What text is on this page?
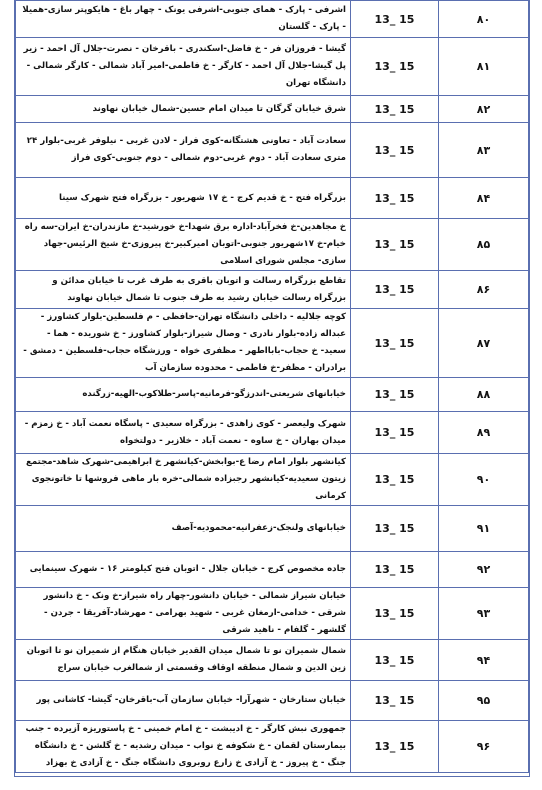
۸۰	13_ 15	اشرفی - پارک - همای جنوبی-اشرفی یونک - چهار باغ - هایکوپتر سازی-همیلا - پارک - گلستان
۸۱	13_ 15	گیشا - فروزان فر - خ فاضل-اسکندری - باقرخان - نصرت-جلال آل احمد - زیر پل گیشا-جلال آل احمد - کارگر - خ فاطمی-امیر آباد شمالی - کارگر شمالی - دانشگاه تهران
۸۲	13_ 15	شرق خیابان گرگان تا میدان امام حسین-شمال خیابان نهاوند
۸۳	13_ 15	سعادت آباد - تعاونی هشتگانه-کوی فراز - لادن غربی - نیلوفر غربی-بلوار ۲۴ متری سعادت آباد - دوم غربی-دوم شمالی - دوم جنوبی-کوی فراز
۸۴	13_ 15	بزرگراه فتح - خ قدیم کرج - خ ۱۷ شهریور - بزرگراه فتح شهرک سینا
۸۵	13_ 15	خ مجاهدین-خ فخرآباد-اداره برق شهدا-خ خورشید-خ مازندران-خ ایران-سه راه خیام-خ ۱۷شهریور جنوبی-اتوبان امیرکبیر-خ پیروزی-خ شیخ الرئیس-جهاد سازی- مجلس شورای اسلامی
۸۶	13_ 15	تقاطع بزرگراه رسالت و اتوبان باقری به طرف غرب تا خیابان مدائن و بزرگراه رسالت خیابان رشید به طرف جنوب تا شمال خیابان نهاوند
۸۷	13_ 15	کوچه جلالیه - داخلی دانشگاه تهران-حافظی - م فلسطین-بلوار کشاورز - عبداله زاده-بلوار نادری - وصال شیراز-بلوار کشاورز - خ شوریده - هما - سعید- خ حجاب-بابااطهر - مظفری خواه - ورزشگاه حجاب-فلسطین - دمشق - برادران - مظفر-خ فاطمی - محدوده سازمان آب
۸۸	13_ 15	خیابانهای شریعتی-اندرزگو-فرمانیه-پاسر-طلاکوب-الهیه-زرگنده
۸۹	13_ 15	شهرک ولیعصر - کوی زاهدی - بزرگراه سعیدی - پاسگاه نعمت آباد - خ زمزم - میدان بهاران - خ ساوه - نعمت آباد - خلازیر - دولتخواه
۹۰	13_ 15	کیانشهر بلوار امام رضا ع-بوابخش-کیانشهر خ ابراهیمی-شهرک شاهد-مجتمع زیتون سعیدیه-کیانشهر رجبزاده شمالی-خره بار ماهی فروشها تا خاتونجوی کرمانی
۹۱	13_ 15	خیابانهای ولنجک-زعفرانیه-محمودیه-آصف
۹۲	13_ 15	جاده مخصوص کرج - خیابان جلال - اتوبان فتح کیلومتر ۱۶ - شهرک سینمایی
۹۳	13_ 15	خیابان شیراز شمالی - خیابان دانشور-چهار راه شیراز-خ ونک - خ دانشور شرقی - خدامی-ارمغان غربی - شهید بهرامی - مهرشاد-آفریقا - جردن - گلشهر - گلفام - ناهید شرقی
۹۴	13_ 15	شمال شمیران نو تا شمال میدان القدیر خیابان هنگام از شمیران نو تا اتوبان زین الدین و شمال منطقه اوقاف وقسمتی از شمالغرب خیابان سراج
۹۵	13_ 15	خیابان ستارخان - شهرآرا- خیابان سازمان آب-باقرخان- گیشا- کاشانی پور
۹۶	13_ 15	جمهوری نبش کارگر - خ ادیبشت - خ امام خمینی - خ پاستوریزه آزیرده - جنب بیمارستان لقمان - خ شکوفه خ نواب - میدان رشدیه - خ گلشن - خ دانشگاه جنگ - خ پیروز - خ آزادی خ زارع روبروی دانشگاه جنگ - خ آزادی خ بهزاد
